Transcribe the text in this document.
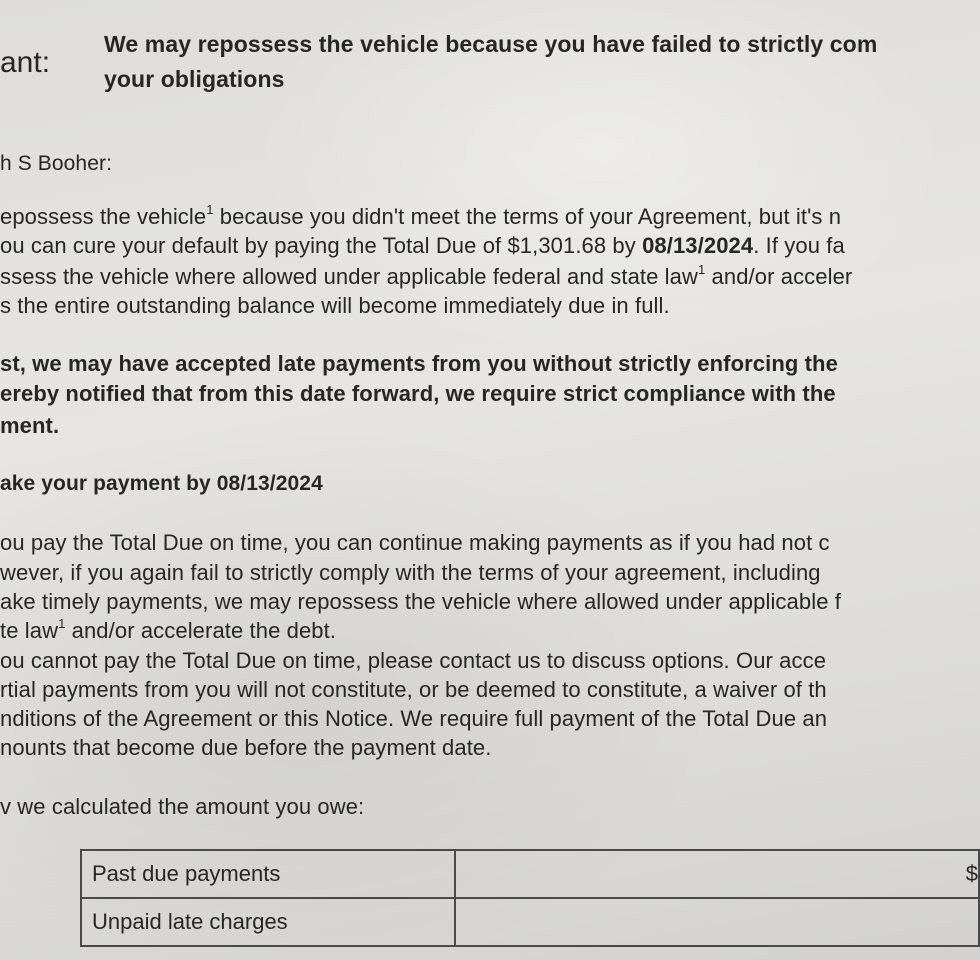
ant:
We may repossess the vehicle because you have failed to strictly com
your obligations
h S Booher:
epossess the vehicle$^1$ because you didn't meet the terms of your Agreement, but it's n
ou can cure your default by paying the Total Due of $1,301.68 by 08/13/2024. If you fa
ssess the vehicle where allowed under applicable federal and state law$^1$ and/or acceler
s the entire outstanding balance will become immediately due in full.
st, we may have accepted late payments from you without strictly enforcing the
ereby notified that from this date forward, we require strict compliance with the
ment.
ake your payment by 08/13/2024
ou pay the Total Due on time, you can continue making payments as if you had not c
wever, if you again fail to strictly comply with the terms of your agreement, including
ake timely payments, we may repossess the vehicle where allowed under applicable f
te law$^1$ and/or accelerate the debt.
ou cannot pay the Total Due on time, please contact us to discuss options. Our acce
rtial payments from you will not constitute, or be deemed to constitute, a waiver of th
nditions of the Agreement or this Notice. We require full payment of the Total Due an
nounts that become due before the payment date.
v we calculated the amount you owe:
Past due payments	$
Unpaid late charges	
